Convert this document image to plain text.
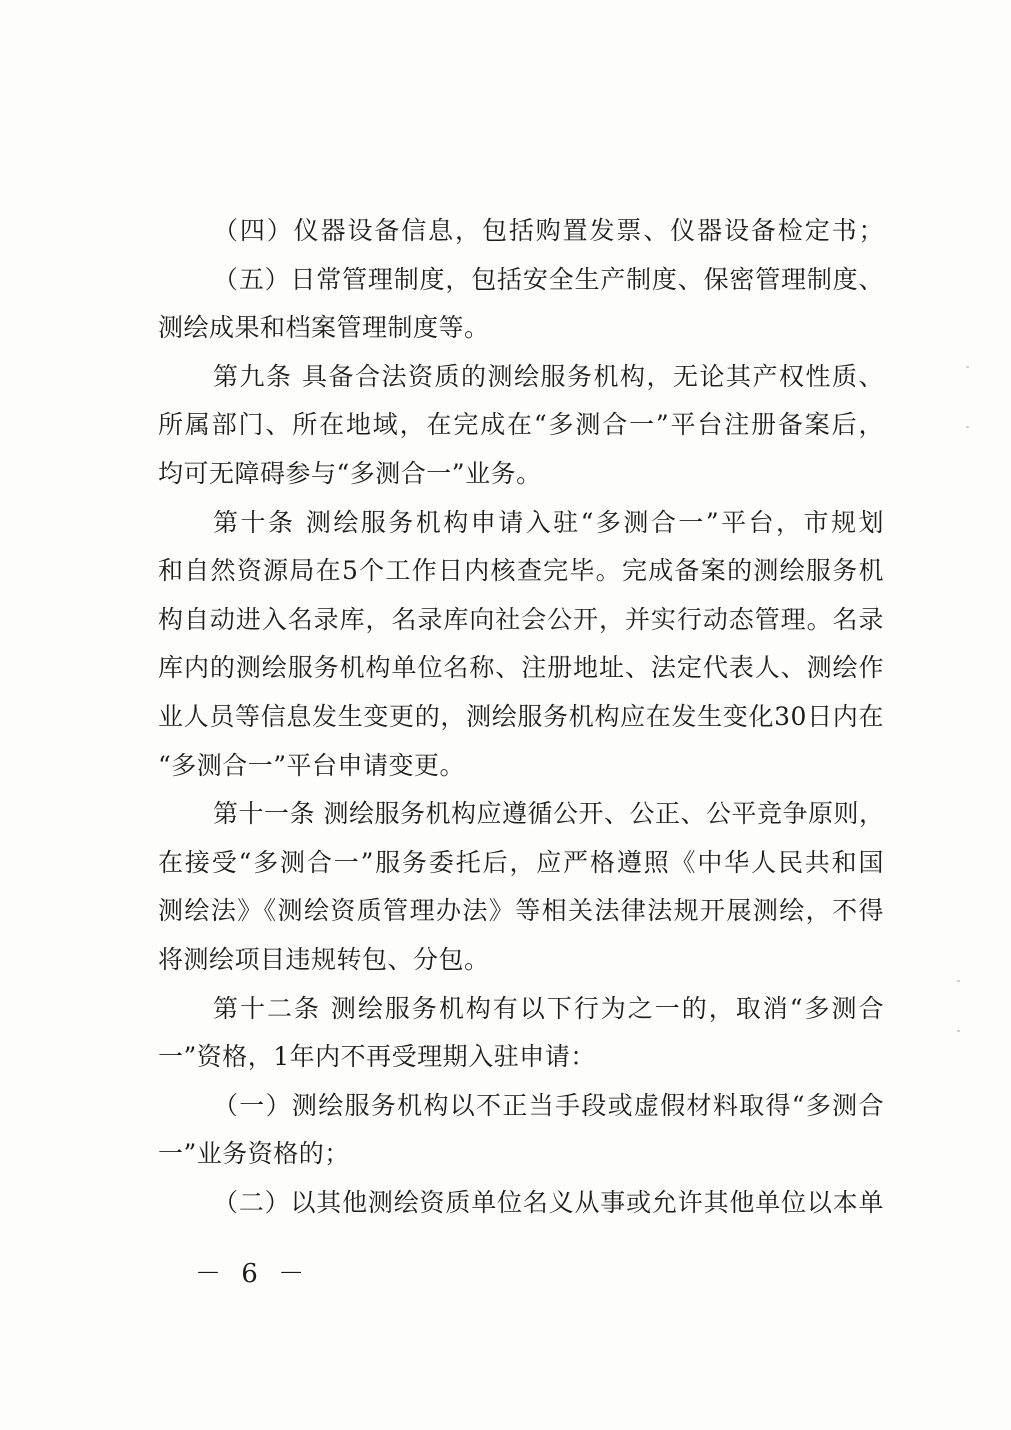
（四）仪器设备信息，包括购置发票、仪器设备检定书；
（五）日常管理制度，包括安全生产制度、保密管理制度、
测绘成果和档案管理制度等。
第九条 具备合法资质的测绘服务机构，无论其产权性质、
所属部门、所在地域，在完成在“多测合一”平台注册备案后，
均可无障碍参与“多测合一”业务。
第十条 测绘服务机构申请入驻“多测合一”平台，市规划
和自然资源局在5个工作日内核查完毕。完成备案的测绘服务机
构自动进入名录库，名录库向社会公开，并实行动态管理。名录
库内的测绘服务机构单位名称、注册地址、法定代表人、测绘作
业人员等信息发生变更的，测绘服务机构应在发生变化30日内在
“多测合一”平台申请变更。
第十一条 测绘服务机构应遵循公开、公正、公平竞争原则，
在接受“多测合一”服务委托后，应严格遵照《中华人民共和国
测绘法》《测绘资质管理办法》等相关法律法规开展测绘，不得
将测绘项目违规转包、分包。
第十二条 测绘服务机构有以下行为之一的，取消“多测合
一”资格，1年内不再受理期入驻申请：
（一）测绘服务机构以不正当手段或虚假材料取得“多测合
一”业务资格的；
（二）以其他测绘资质单位名义从事或允许其他单位以本单
－ 6 －
